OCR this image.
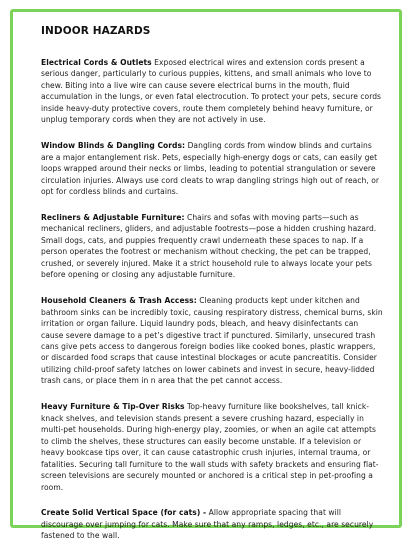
INDOOR HAZARDS

Electrical Cords & Outlets Exposed electrical wires and extension cords present a serious danger, particularly to curious puppies, kittens, and small animals who love to chew. Biting into a live wire can cause severe electrical burns in the mouth, fluid accumulation in the lungs, or even fatal electrocution. To protect your pets, secure cords inside heavy-duty protective covers, route them completely behind heavy furniture, or unplug temporary cords when they are not actively in use.

Window Blinds & Dangling Cords: Dangling cords from window blinds and curtains are a major entanglement risk. Pets, especially high-energy dogs or cats, can easily get loops wrapped around their necks or limbs, leading to potential strangulation or severe circulation injuries. Always use cord cleats to wrap dangling strings high out of reach, or opt for cordless blinds and curtains.

Recliners & Adjustable Furniture: Chairs and sofas with moving parts—such as mechanical recliners, gliders, and adjustable footrests—pose a hidden crushing hazard. Small dogs, cats, and puppies frequently crawl underneath these spaces to nap. If a person operates the footrest or mechanism without checking, the pet can be trapped, crushed, or severely injured. Make it a strict household rule to always locate your pets before opening or closing any adjustable furniture.

Household Cleaners & Trash Access: Cleaning products kept under kitchen and bathroom sinks can be incredibly toxic, causing respiratory distress, chemical burns, skin irritation or organ failure. Liquid laundry pods, bleach, and heavy disinfectants can cause severe damage to a pet’s digestive tract if punctured. Similarly, unsecured trash cans give pets access to dangerous foreign bodies like cooked bones, plastic wrappers, or discarded food scraps that cause intestinal blockages or acute pancreatitis. Consider utilizing child-proof safety latches on lower cabinets and invest in secure, heavy-lidded trash cans, or place them in n area that the pet cannot access.

Heavy Furniture & Tip-Over Risks Top-heavy furniture like bookshelves, tall knick-knack shelves, and television stands present a severe crushing hazard, especially in multi-pet households. During high-energy play, zoomies, or when an agile cat attempts to climb the shelves, these structures can easily become unstable. If a television or heavy bookcase tips over, it can cause catastrophic crush injuries, internal trauma, or fatalities. Securing tall furniture to the wall studs with safety brackets and ensuring flat-screen televisions are securely mounted or anchored is a critical step in pet-proofing a room.

Create Solid Vertical Space (for cats) - Allow appropriate spacing that will discourage over jumping for cats. Make sure that any ramps, ledges, etc., are securely fastened to the wall.
